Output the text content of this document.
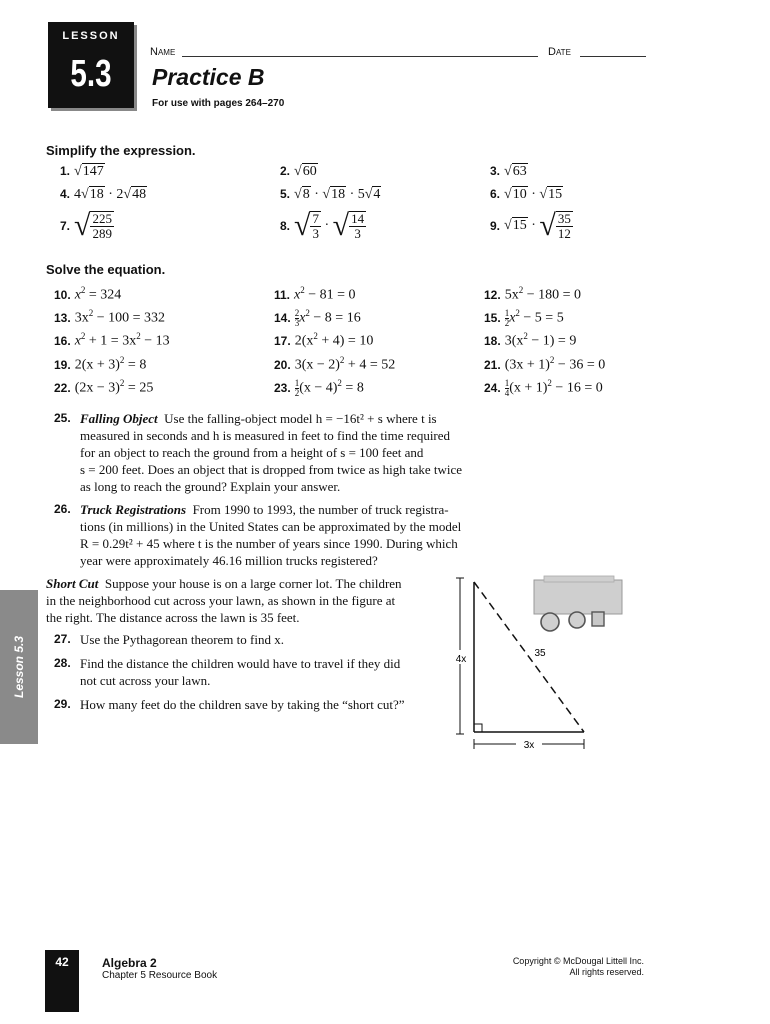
LESSON
5.3
Name	Date
Practice B
For use with pages 264–270
Simplify the expression.
1. √ 147	2. √ 60	3. √ 63
4. 4 √ 18 · 2 √ 48	5. √ 8 · √ 18 · 5 √ 4	6. √ 10 · √ 15
7. √ $\frac{225}{289}$	8. √ $\frac{7}{3}$ · √ $\frac{14}{3}$	9. √ 15 · √ $\frac{35}{12}$
Solve the equation.
10. $x^2 = 324$	11. $x^2 - 81 = 0$	12. $5x^2 - 180 = 0$
13. $3x^2 - 100 = 332$	14. $\frac{2}{3} x^2 - 8 = 16$	15. $\frac{1}{2} x^2 - 5 = 5$
16. $x^2 + 1 = 3x^2 - 13$	17. $2(x^2 + 4) = 10$	18. $3(x^2 - 1) = 9$
19. $2(x + 3)^2 = 8$	20. $3(x - 2)^2 + 4 = 52$	21. $(3x + 1)^2 - 36 = 0$
22. $(2x - 3)^2 = 25$	23. $\frac{1}{2} (x - 4)^2 = 8$	24. $\frac{1}{4} (x + 1)^2 - 16 = 0$
25. Falling Object Use the falling-object model h = −16t² + s where t is
measured in seconds and h is measured in feet to find the time required
for an object to reach the ground from a height of s = 100 feet and
s = 200 feet. Does an object that is dropped from twice as high take twice
as long to reach the ground? Explain your answer.
26. Truck Registrations From 1990 to 1993, the number of truck registra-
tions (in millions) in the United States can be approximated by the model
R = 0.29t² + 45 where t is the number of years since 1990. During which
year were approximately 46.16 million trucks registered?
Short Cut Suppose your house is on a large corner lot. The children
in the neighborhood cut across your lawn, as shown in the figure at
the right. The distance across the lawn is 35 feet.
27. Use the Pythagorean theorem to find x.
28. Find the distance the children would have to travel if they did
not cut across your lawn.
29. How many feet do the children save by taking the “short cut?”
4x
3x
35
Lesson 5.3
42	Algebra 2
Chapter 5 Resource Book
Copyright © McDougal Littell Inc.
All rights reserved.
